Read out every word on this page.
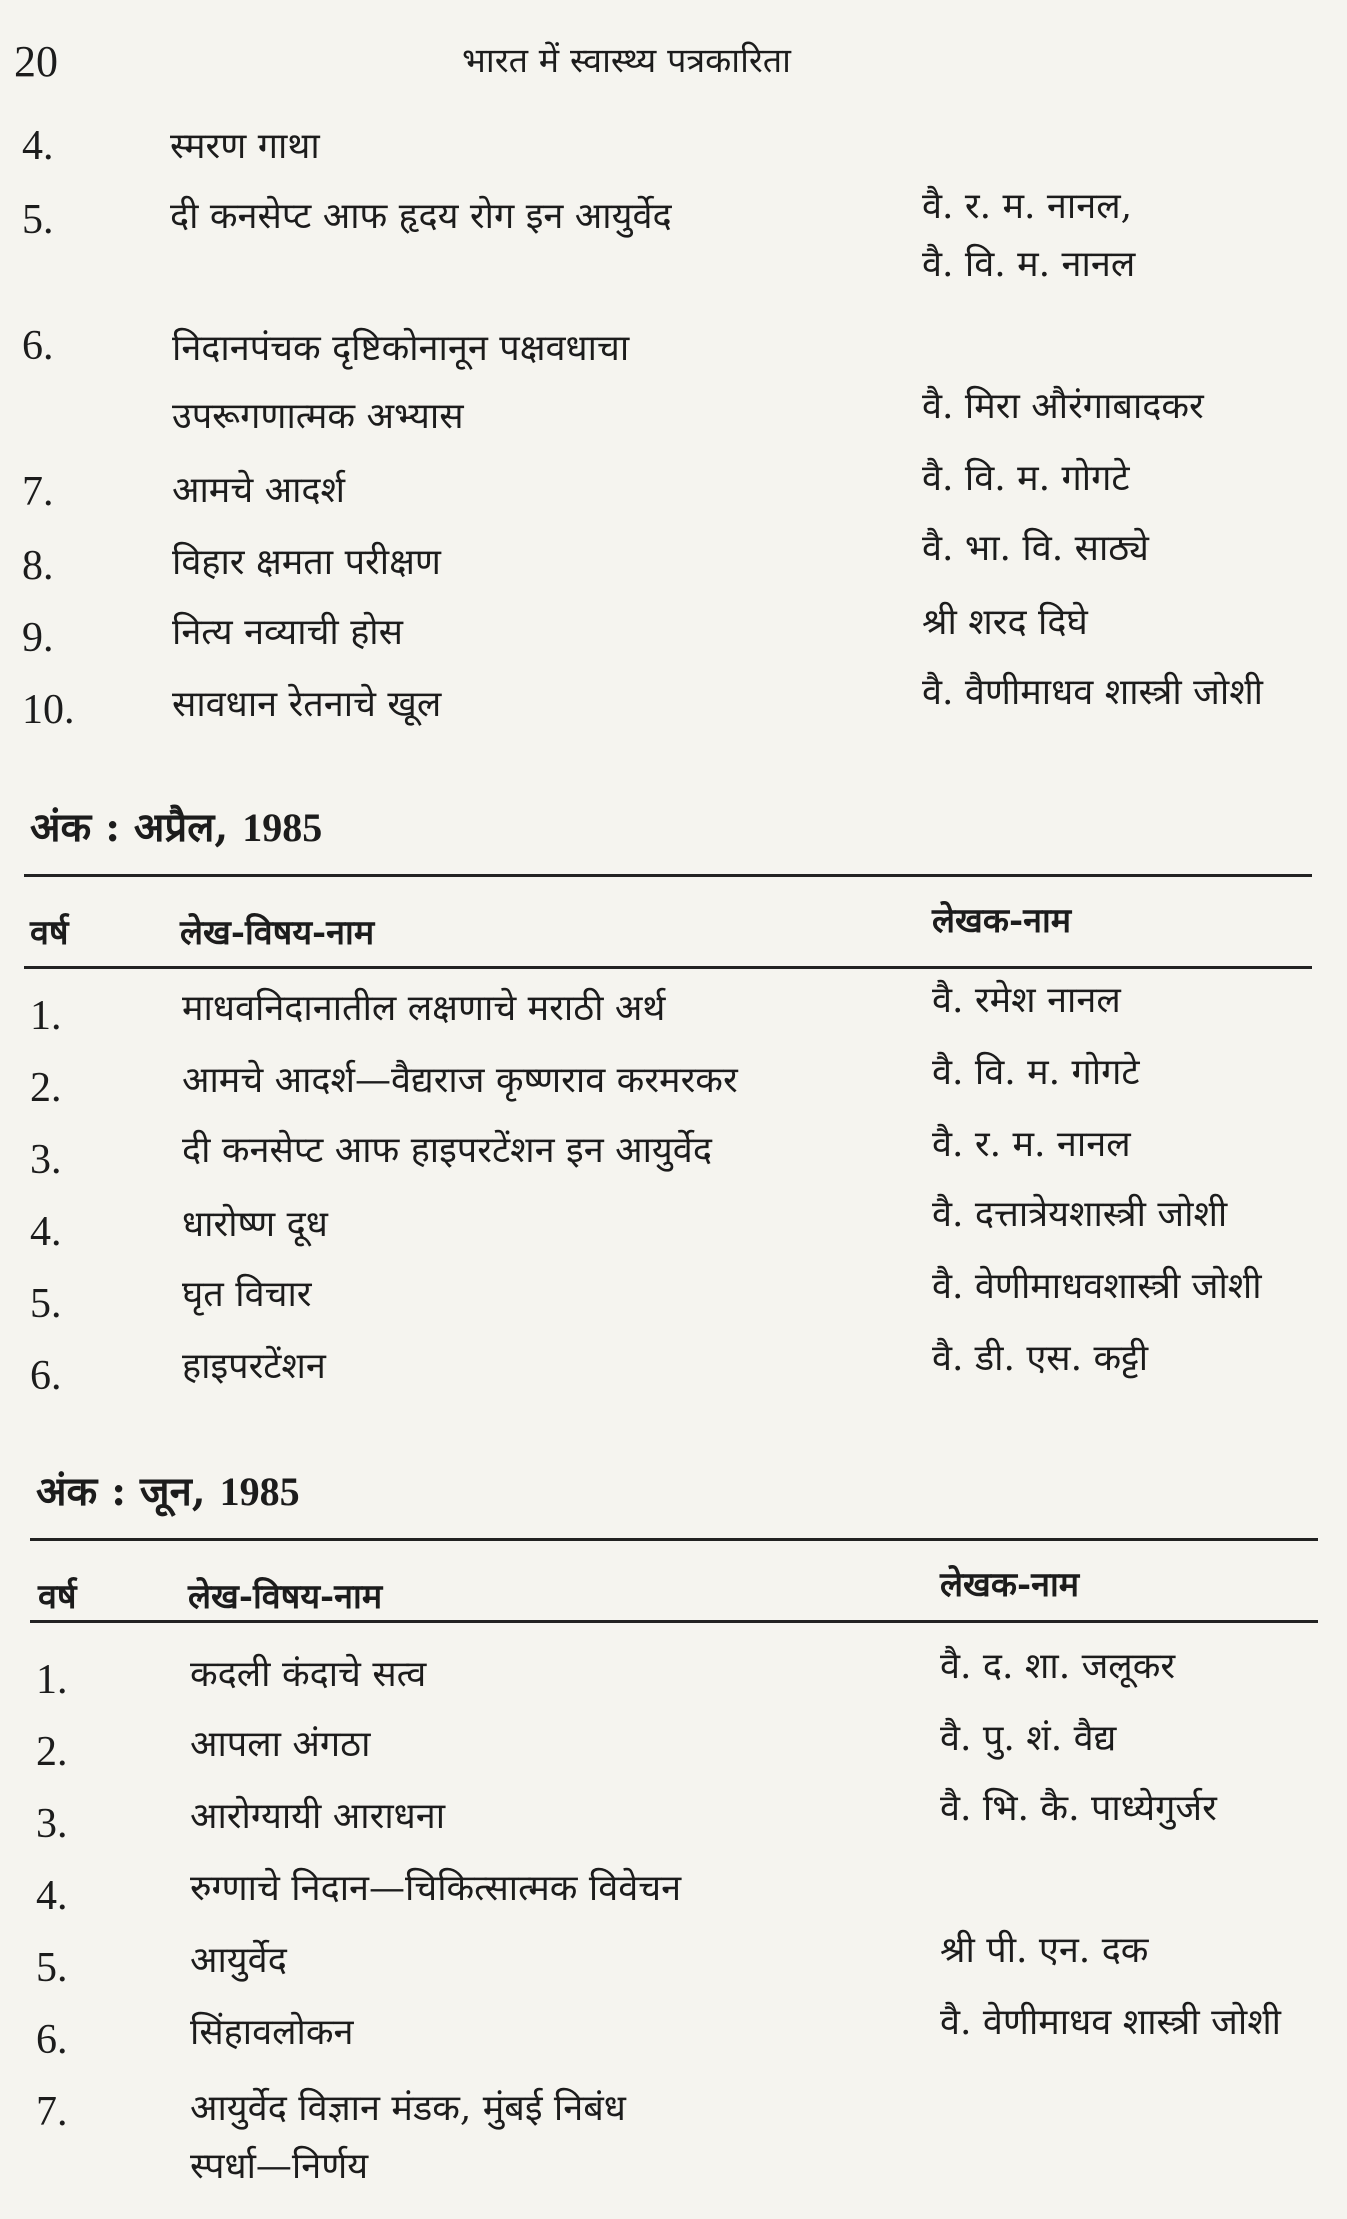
20	भारत में स्वास्थ्य पत्रकारिता
4.	स्मरण गाथा
5.	दी कनसेप्ट आफ हृदय रोग इन आयुर्वेद	वै. र. म. नानल,
वै. वि. म. नानल
6.	निदानपंचक दृष्टिकोनानून पक्षवधाचा
उपरूगणात्मक अभ्यास	वै. मिरा औरंगाबादकर
7.	आमचे आदर्श	वै. वि. म. गोगटे
8.	विहार क्षमता परीक्षण	वै. भा. वि. साठ्ये
9.	नित्य नव्याची होस	श्री शरद दिघे
10.	सावधान रेतनाचे खूल	वै. वैणीमाधव शास्त्री जोशी
अंक : अप्रैल, 1985
वर्ष	लेख-विषय-नाम	लेखक-नाम
1.	माधवनिदानातील लक्षणाचे मराठी अर्थ	वै. रमेश नानल
2.	आमचे आदर्श—वैद्यराज कृष्णराव करमरकर	वै. वि. म. गोगटे
3.	दी कनसेप्ट आफ हाइपरटेंशन इन आयुर्वेद	वै. र. म. नानल
4.	धारोष्ण दूध	वै. दत्तात्रेयशास्त्री जोशी
5.	घृत विचार	वै. वेणीमाधवशास्त्री जोशी
6.	हाइपरटेंशन	वै. डी. एस. कट्टी
अंक : जून, 1985
वर्ष	लेख-विषय-नाम	लेखक-नाम
1.	कदली कंदाचे सत्व	वै. द. शा. जलूकर
2.	आपला अंगठा	वै. पु. शं. वैद्य
3.	आरोग्यायी आराधना	वै. भि. कै. पाध्येगुर्जर
4.	रुग्णाचे निदान—चिकित्सात्मक विवेचन
5.	आयुर्वेद	श्री पी. एन. दक
6.	सिंहावलोकन	वै. वेणीमाधव शास्त्री जोशी
7.	आयुर्वेद विज्ञान मंडक, मुंबई निबंध
स्पर्धा—निर्णय
